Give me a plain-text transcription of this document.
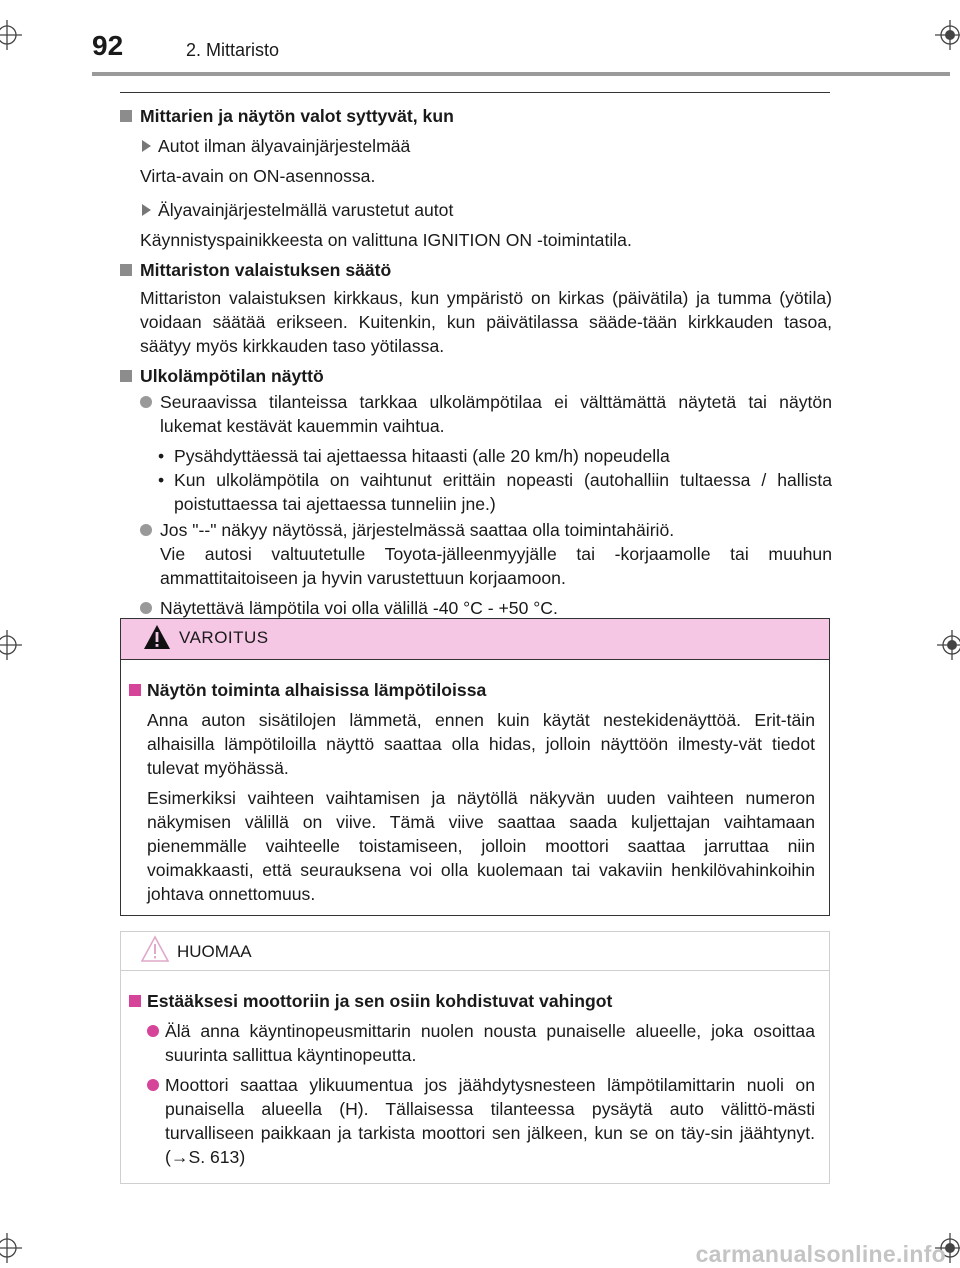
92	2. Mittaristo
Mittarien ja näytön valot syttyvät, kun
Autot ilman älyavainjärjestelmää
Virta-avain on ON-asennossa.
Älyavainjärjestelmällä varustetut autot
Käynnistyspainikkeesta on valittuna IGNITION ON -toimintatila.
Mittariston valaistuksen säätö
Mittariston valaistuksen kirkkaus, kun ympäristö on kirkas (päivätila) ja tumma (yötila) voidaan säätää erikseen. Kuitenkin, kun päivätilassa sääde-tään kirkkauden tasoa, säätyy myös kirkkauden taso yötilassa.
Ulkolämpötilan näyttö
Seuraavissa tilanteissa tarkkaa ulkolämpötilaa ei välttämättä näytetä tai näytön lukemat kestävät kauemmin vaihtua.
• Pysähdyttäessä tai ajettaessa hitaasti (alle 20 km/h) nopeudella
• Kun ulkolämpötila on vaihtunut erittäin nopeasti (autohalliin tultaessa / hallista poistuttaessa tai ajettaessa tunneliin jne.)
Jos "--" näkyy näytössä, järjestelmässä saattaa olla toimintahäiriö.
Vie autosi valtuutetulle Toyota-jälleenmyyjälle tai -korjaamolle tai muuhun ammattitaitoiseen ja hyvin varustettuun korjaamoon.
Näytettävä lämpötila voi olla välillä -40 °C - +50 °C.
VAROITUS
Näytön toiminta alhaisissa lämpötiloissa
Anna auton sisätilojen lämmetä, ennen kuin käytät nestekidenäyttöä. Erit-täin alhaisilla lämpötiloilla näyttö saattaa olla hidas, jolloin näyttöön ilmesty-vät tiedot tulevat myöhässä.
Esimerkiksi vaihteen vaihtamisen ja näytöllä näkyvän uuden vaihteen numeron näkymisen välillä on viive. Tämä viive saattaa saada kuljettajan vaihtamaan pienemmälle vaihteelle toistamiseen, jolloin moottori saattaa jarruttaa niin voimakkaasti, että seurauksena voi olla kuolemaan tai vakaviin henkilövahinkoihin johtava onnettomuus.
HUOMAA
Estääksesi moottoriin ja sen osiin kohdistuvat vahingot
Älä anna käyntinopeusmittarin nuolen nousta punaiselle alueelle, joka osoittaa suurinta sallittua käyntinopeutta.
Moottori saattaa ylikuumentua jos jäähdytysnesteen lämpötilamittarin nuoli on punaisella alueella (H). Tällaisessa tilanteessa pysäytä auto välittö-mästi turvalliseen paikkaan ja tarkista moottori sen jälkeen, kun se on täy-sin jäähtynyt. (→S. 613)
carmanualsonline.info
